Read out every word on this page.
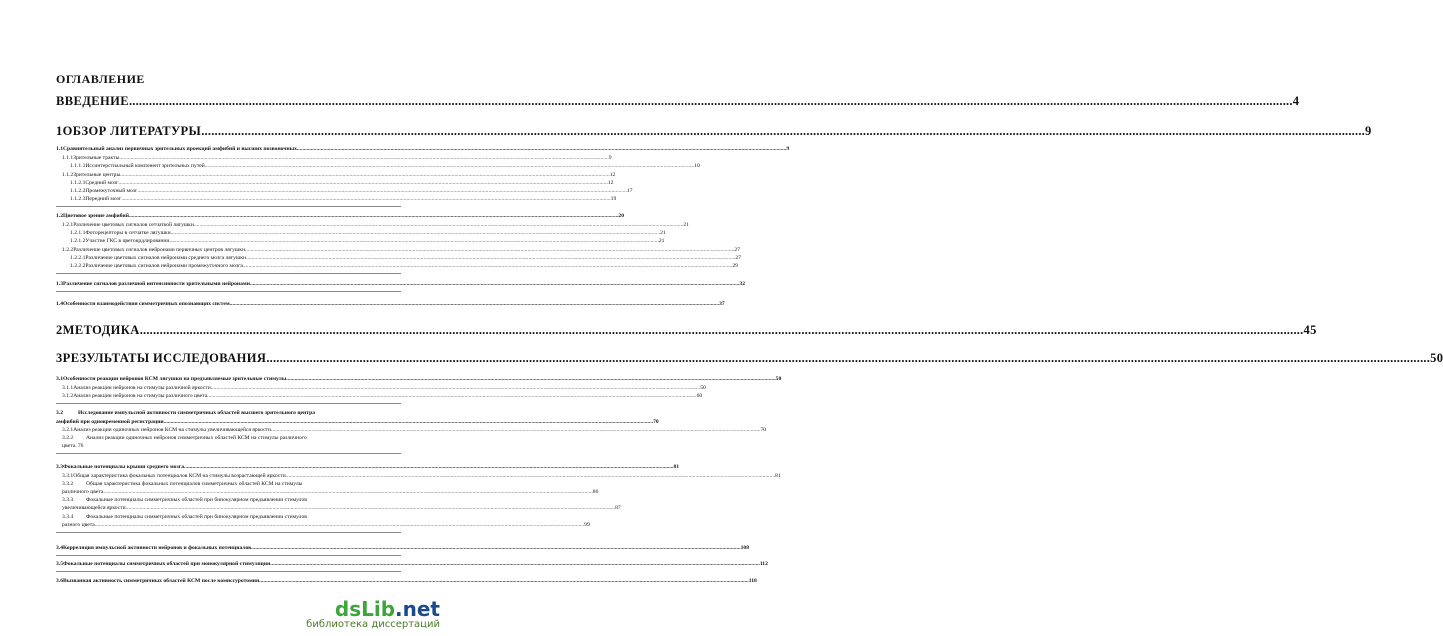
ОГЛАВЛЕНИЕ
ВВЕДЕНИЕ .....	4
1 ОБЗОР ЛИТЕРАТУРЫ .....	9
1.1 Сравнительный анализ первичных зрительных проекций амфибий и высших позвоночных .....	9
1.1.1 Зрительные тракты .....	9
1.1.1.1 Исcинтерстиальный компонент зрительных путей .....	10
1.1.2 Зрительные центры .....	12
1.1.2.1 Средний мозг .....	12
1.1.2.2 Промежуточный мозг .....	17
1.1.2.3 Передний мозг .....	19
1.2 Цветовое зрение амфибий .....	20
1.2.1 Различение цветовых сигналов сетчаткой лягушки .....	21
1.2.1.1 Фоторецепторы в сетчатке лягушки .....	21
1.2.1.2 Участие ГКС в цветокрдлировании .....	21
1.2.2 Различение цветовых сигналов нейронами первичных центров лягушки .....	27
1.2.2.1 Различение цветовых сигналов нейронами среднего мозга лягушки .....	27
1.2.2.2 Различение цветовых сигналов нейронами промежуточного мозга .....	29
1.3 Различение сигналов различной интенсивности зрительными нейронами .....	32
1.4 Особенности взаимодействия симметричных опознающих систем .....	37
2 МЕТОДИКА .....	45
3 РЕЗУЛЬТАТЫ ИССЛЕДОВАНИЯ .....	50
3.1 Особенности реакции нейронов КСМ лягушки на предъявляемые зрительные стимулы .....	50
3.1.1 Анализ реакции нейронов на стимулы различной яркости .....	50
3.1.2 Анализ реакции нейронов на стимулы различного цвета .....	60
3.2	Исследование импульсной активности симметричных областей высшего зрительного центра
амфибий при одновременной регистрации .....	70
3.2.1 Анализ реакции одиночных нейронов КСМ на стимулы увеличивающейся яркости .....	70
3.2.2	Анализ реакции одиночных нейронов симметричных областей КСМ на стимулы различного
цвета. 76
3.3 Фокальные потенциалы крыши среднего мозга .....	81
3.3.1 Общая характеристика фокальных потенциалов КСМ на стимулы возрастающей яркости .....	81
3.3.2	Общая характеристика фокальных потенциалов симметричных областей КСМ на стимулы
различного цвета .....	86
3.3.3	Фокальные потенциалы симметричных областей при бинокулярном предъявлении стимулов
увеличивающейся яркости .....	87
3.3.4	Фокальные потенциалы симметричных областей при бинокулярном предъявлении стимулов
разного цвета .....	99
3.4 Корреляция импульсной активности нейронов и фокальных потенциалов .....	108
3.5 Фокальные потенциалы симметричных областей при монокулярной стимуляции .....	112
3.6 Вызванная активность симметричных областей КСМ после комиссуротомии .....	118
dsLib.net
библиотека диссертаций
